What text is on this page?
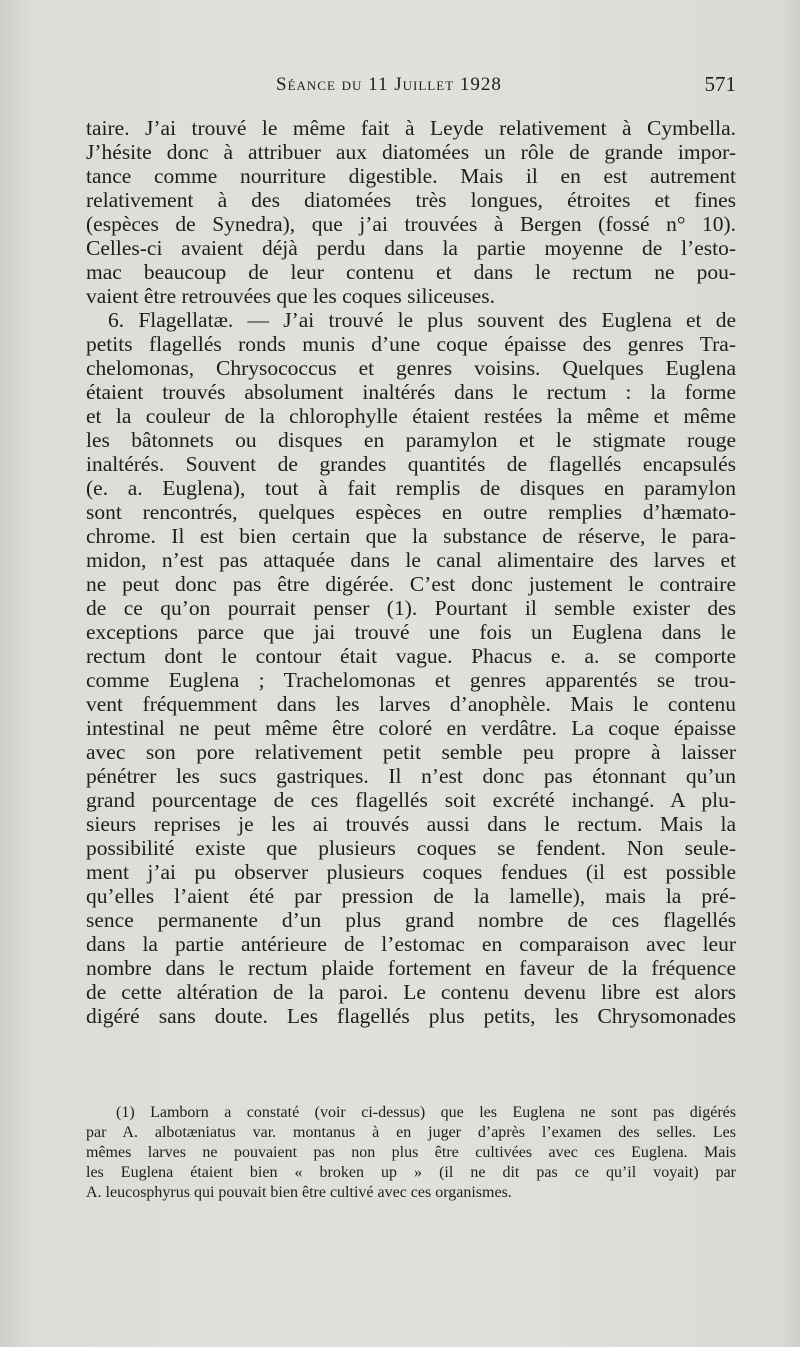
Séance du 11 Juillet 1928	571
taire. J’ai trouvé le même fait à Leyde relativement à Cymbella.
J’hésite donc à attribuer aux diatomées un rôle de grande impor-
tance comme nourriture digestible. Mais il en est autrement
relativement à des diatomées très longues, étroites et fines
(espèces de Synedra), que j’ai trouvées à Bergen (fossé n° 10).
Celles-ci avaient déjà perdu dans la partie moyenne de l’esto-
mac beaucoup de leur contenu et dans le rectum ne pou-
vaient être retrouvées que les coques siliceuses.
6. Flagellatæ. — J’ai trouvé le plus souvent des Euglena et de
petits flagellés ronds munis d’une coque épaisse des genres Tra-
chelomonas, Chrysococcus et genres voisins. Quelques Euglena
étaient trouvés absolument inaltérés dans le rectum : la forme
et la couleur de la chlorophylle étaient restées la même et même
les bâtonnets ou disques en paramylon et le stigmate rouge
inaltérés. Souvent de grandes quantités de flagellés encapsulés
(e. a. Euglena), tout à fait remplis de disques en paramylon
sont rencontrés, quelques espèces en outre remplies d’hæmato-
chrome. Il est bien certain que la substance de réserve, le para-
midon, n’est pas attaquée dans le canal alimentaire des larves et
ne peut donc pas être digérée. C’est donc justement le contraire
de ce qu’on pourrait penser (1). Pourtant il semble exister des
exceptions parce que jai trouvé une fois un Euglena dans le
rectum dont le contour était vague. Phacus e. a. se comporte
comme Euglena ; Trachelomonas et genres apparentés se trou-
vent fréquemment dans les larves d’anophèle. Mais le contenu
intestinal ne peut même être coloré en verdâtre. La coque épaisse
avec son pore relativement petit semble peu propre à laisser
pénétrer les sucs gastriques. Il n’est donc pas étonnant qu’un
grand pourcentage de ces flagellés soit excrété inchangé. A plu-
sieurs reprises je les ai trouvés aussi dans le rectum. Mais la
possibilité existe que plusieurs coques se fendent. Non seule-
ment j’ai pu observer plusieurs coques fendues (il est possible
qu’elles l’aient été par pression de la lamelle), mais la pré-
sence permanente d’un plus grand nombre de ces flagellés
dans la partie antérieure de l’estomac en comparaison avec leur
nombre dans le rectum plaide fortement en faveur de la fréquence
de cette altération de la paroi. Le contenu devenu libre est alors
digéré sans doute. Les flagellés plus petits, les Chrysomonades
(1) Lamborn a constaté (voir ci-dessus) que les Euglena ne sont pas digérés
par A. albotæniatus var. montanus à en juger d’après l’examen des selles. Les
mêmes larves ne pouvaient pas non plus être cultivées avec ces Euglena. Mais
les Euglena étaient bien « broken up » (il ne dit pas ce qu’il voyait) par
A. leucosphyrus qui pouvait bien être cultivé avec ces organismes.
